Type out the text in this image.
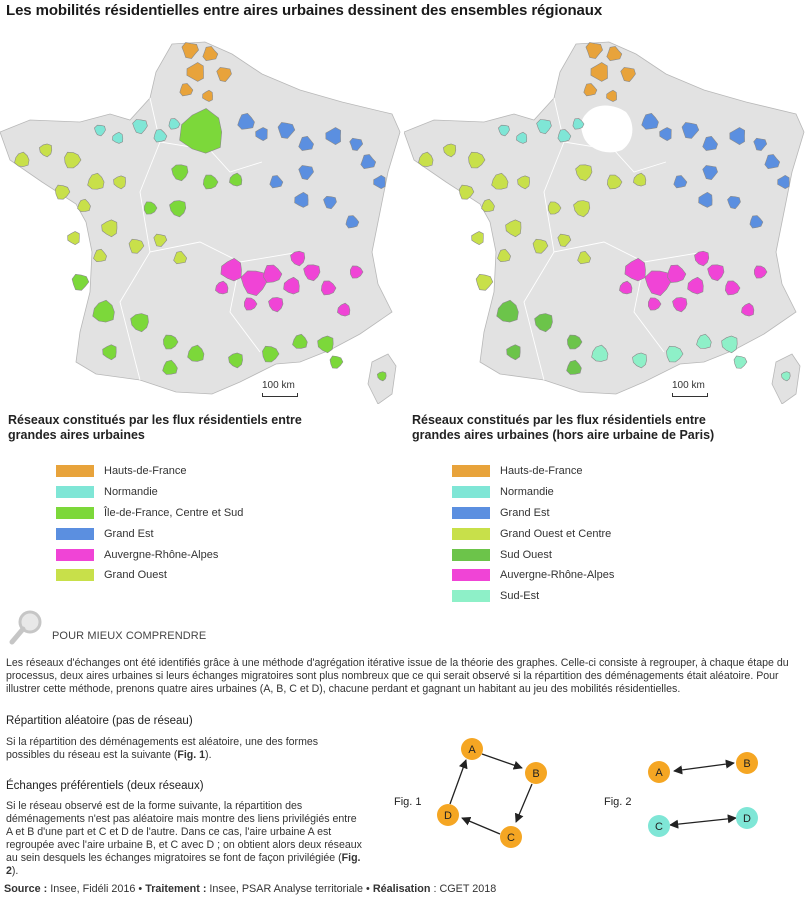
Les mobilités résidentielles entre aires urbaines dessinent des ensembles régionaux
100 km	100 km
Réseaux constitués par les flux résidentiels entre
grandes aires urbaines
Réseaux constitués par les flux résidentiels entre
grandes aires urbaines (hors aire urbaine de Paris)
Hauts-de-France
Normandie
Île-de-France, Centre et Sud
Grand Est
Auvergne-Rhône-Alpes
Grand Ouest
Hauts-de-France
Normandie
Grand Est
Grand Ouest et Centre
Sud Ouest
Auvergne-Rhône-Alpes
Sud-Est
POUR MIEUX COMPRENDRE
Les réseaux d'échanges ont été identifiés grâce à une méthode d'agrégation itérative issue de la théorie des graphes. Celle-ci consiste à regrouper, à chaque étape du processus, deux aires urbaines si leurs échanges migratoires sont plus nombreux que ce qui serait observé si la répartition des déménagements était aléatoire. Pour illustrer cette méthode, prenons quatre aires urbaines (A, B, C et D), chacune perdant et gagnant un habitant au jeu des mobilités résidentielles.
Répartition aléatoire (pas de réseau)
Si la répartition des déménagements est aléatoire, une des formes possibles du réseau est la suivante (Fig. 1).
Échanges préférentiels (deux réseaux)
Si le réseau observé est de la forme suivante, la répartition des déménagements n'est pas aléatoire mais montre des liens privilégiés entre A et B d'une part et C et D de l'autre. Dans ce cas, l'aire urbaine A est regroupée avec l'aire urbaine B, et C avec D ; on obtient alors deux réseaux au sein desquels les échanges migratoires se font de façon privilégiée (Fig. 2).
Fig. 1	Fig. 2
A
B
C
D
A
B
C
D
Source : Insee, Fidéli 2016 • Traitement : Insee, PSAR Analyse territoriale • Réalisation : CGET 2018
